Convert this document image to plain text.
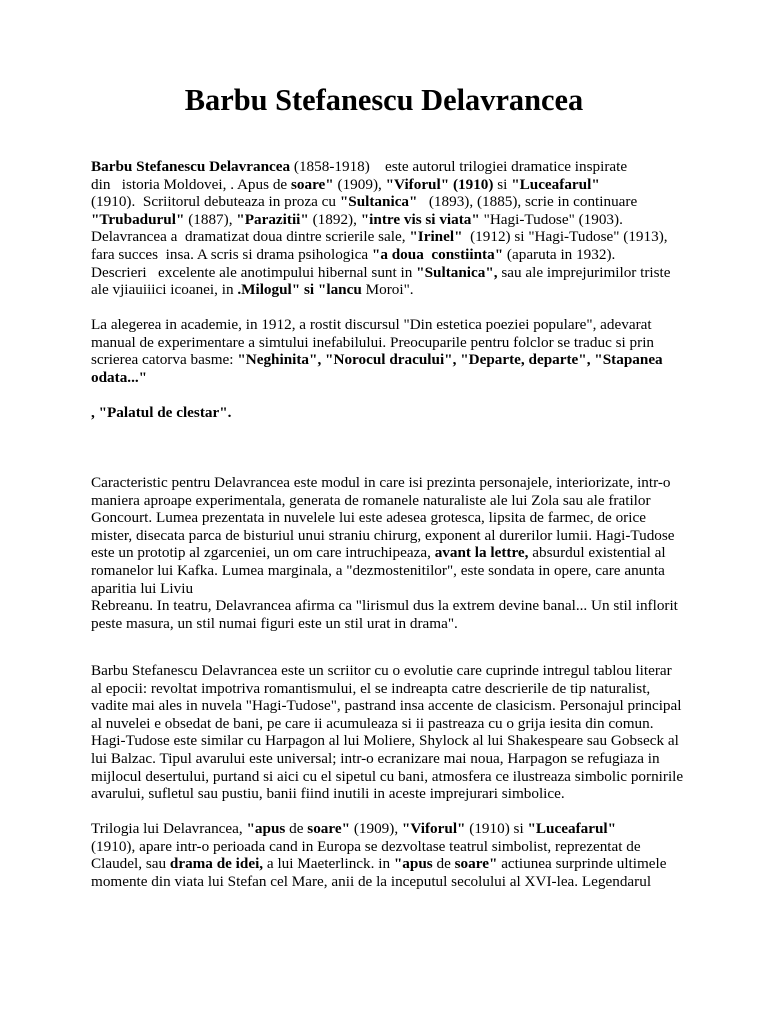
Barbu Stefanescu Delavrancea
Barbu Stefanescu Delavrancea (1858-1918)    este autorul trilogiei dramatice inspirate
din   istoria Moldovei, . Apus de soare" (1909), "Viforul" (1910) si "Luceafarul"
(1910).  Scriitorul debuteaza in proza cu "Sultanica"   (1893), (1885), scrie in continuare
"Trubadurul" (1887), "Parazitii" (1892), "intre vis si viata" "Hagi-Tudose" (1903).
Delavrancea a  dramatizat doua dintre scrierile sale, "Irinel"  (1912) si "Hagi-Tudose" (1913),
fara succes  insa. A scris si drama psihologica "a doua  constiinta" (aparuta in 1932).
Descrieri   excelente ale anotimpului hibernal sunt in "Sultanica", sau ale imprejurimilor triste
ale vjiauiiici icoanei, in .Milogul" si "lancu Moroi".
La alegerea in academie, in 1912, a rostit discursul "Din estetica poeziei populare", adevarat
manual de experimentare a simtului inefabilului. Preocuparile pentru folclor se traduc si prin
scrierea catorva basme: "Neghinita", "Norocul dracului", "Departe, departe", "Stapanea
odata..."
, "Palatul de clestar".
Caracteristic pentru Delavrancea este modul in care isi prezinta personajele, interiorizate, intr-o
maniera aproape experimentala, generata de romanele naturaliste ale lui Zola sau ale fratilor
Goncourt. Lumea prezentata in nuvelele lui este adesea grotesca, lipsita de farmec, de orice
mister, disecata parca de bisturiul unui straniu chirurg, exponent al durerilor lumii. Hagi-Tudose
este un prototip al zgarceniei, un om care intruchipeaza, avant la lettre, absurdul existential al
romanelor lui Kafka. Lumea marginala, a "dezmostenitilor", este sondata in opere, care anunta
aparitia lui Liviu
Rebreanu. In teatru, Delavrancea afirma ca "lirismul dus la extrem devine banal... Un stil inflorit
peste masura, un stil numai figuri este un stil urat in drama".
Barbu Stefanescu Delavrancea este un scriitor cu o evolutie care cuprinde intregul tablou literar
al epocii: revoltat impotriva romantismului, el se indreapta catre descrierile de tip naturalist,
vadite mai ales in nuvela "Hagi-Tudose", pastrand insa accente de clasicism. Personajul principal
al nuvelei e obsedat de bani, pe care ii acumuleaza si ii pastreaza cu o grija iesita din comun.
Hagi-Tudose este similar cu Harpagon al lui Moliere, Shylock al lui Shakespeare sau Gobseck al
lui Balzac. Tipul avarului este universal; intr-o ecranizare mai noua, Harpagon se refugiaza in
mijlocul desertului, purtand si aici cu el sipetul cu bani, atmosfera ce ilustreaza simbolic pornirile
avarului, sufletul sau pustiu, banii fiind inutili in aceste imprejurari simbolice.
Trilogia lui Delavrancea, "apus de soare" (1909), "Viforul" (1910) si "Luceafarul"
(1910), apare intr-o perioada cand in Europa se dezvoltase teatrul simbolist, reprezentat de
Claudel, sau drama de idei, a lui Maeterlinck. in "apus de soare" actiunea surprinde ultimele
momente din viata lui Stefan cel Mare, anii de la inceputul secolului al XVI-lea. Legendarul
